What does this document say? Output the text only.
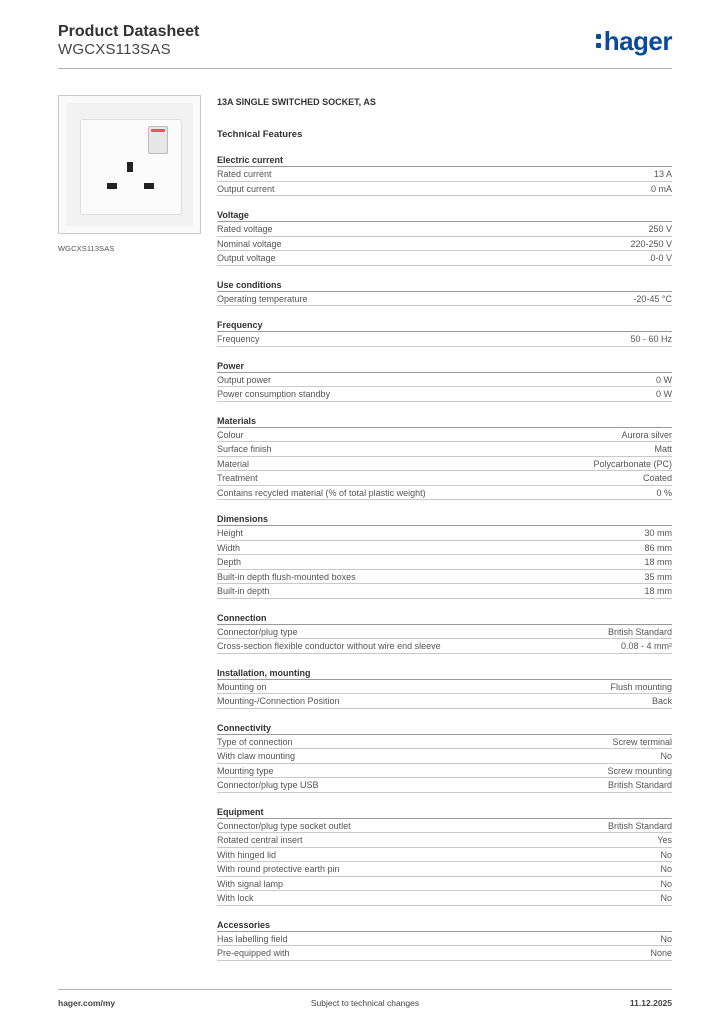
Product Datasheet
WGCXS113SAS	hager
WGCXS113SAS
13A SINGLE SWITCHED SOCKET, AS
Technical Features
Electric current
Rated current	13 A
Output current	0 mA
Voltage
Rated voltage	250 V
Nominal voltage	220-250 V
Output voltage	0-0 V
Use conditions
Operating temperature	-20-45 °C
Frequency
Frequency	50 - 60 Hz
Power
Output power	0 W
Power consumption standby	0 W
Materials
Colour	Aurora silver
Surface finish	Matt
Material	Polycarbonate (PC)
Treatment	Coated
Contains recycled material (% of total plastic weight)	0 %
Dimensions
Height	30 mm
Width	86 mm
Depth	18 mm
Built-in depth flush-mounted boxes	35 mm
Built-in depth	18 mm
Connection
Connector/plug type	British Standard
Cross-section flexible conductor without wire end sleeve	0.08 - 4 mm²
Installation, mounting
Mounting on	Flush mounting
Mounting-/Connection Position	Back
Connectivity
Type of connection	Screw terminal
With claw mounting	No
Mounting type	Screw mounting
Connector/plug type USB	British Standard
Equipment
Connector/plug type socket outlet	British Standard
Rotated central insert	Yes
With hinged lid	No
With round protective earth pin	No
With signal lamp	No
With lock	No
Accessories
Has labelling field	No
Pre-equipped with	None
hager.com/my	Subject to technical changes	11.12.2025
